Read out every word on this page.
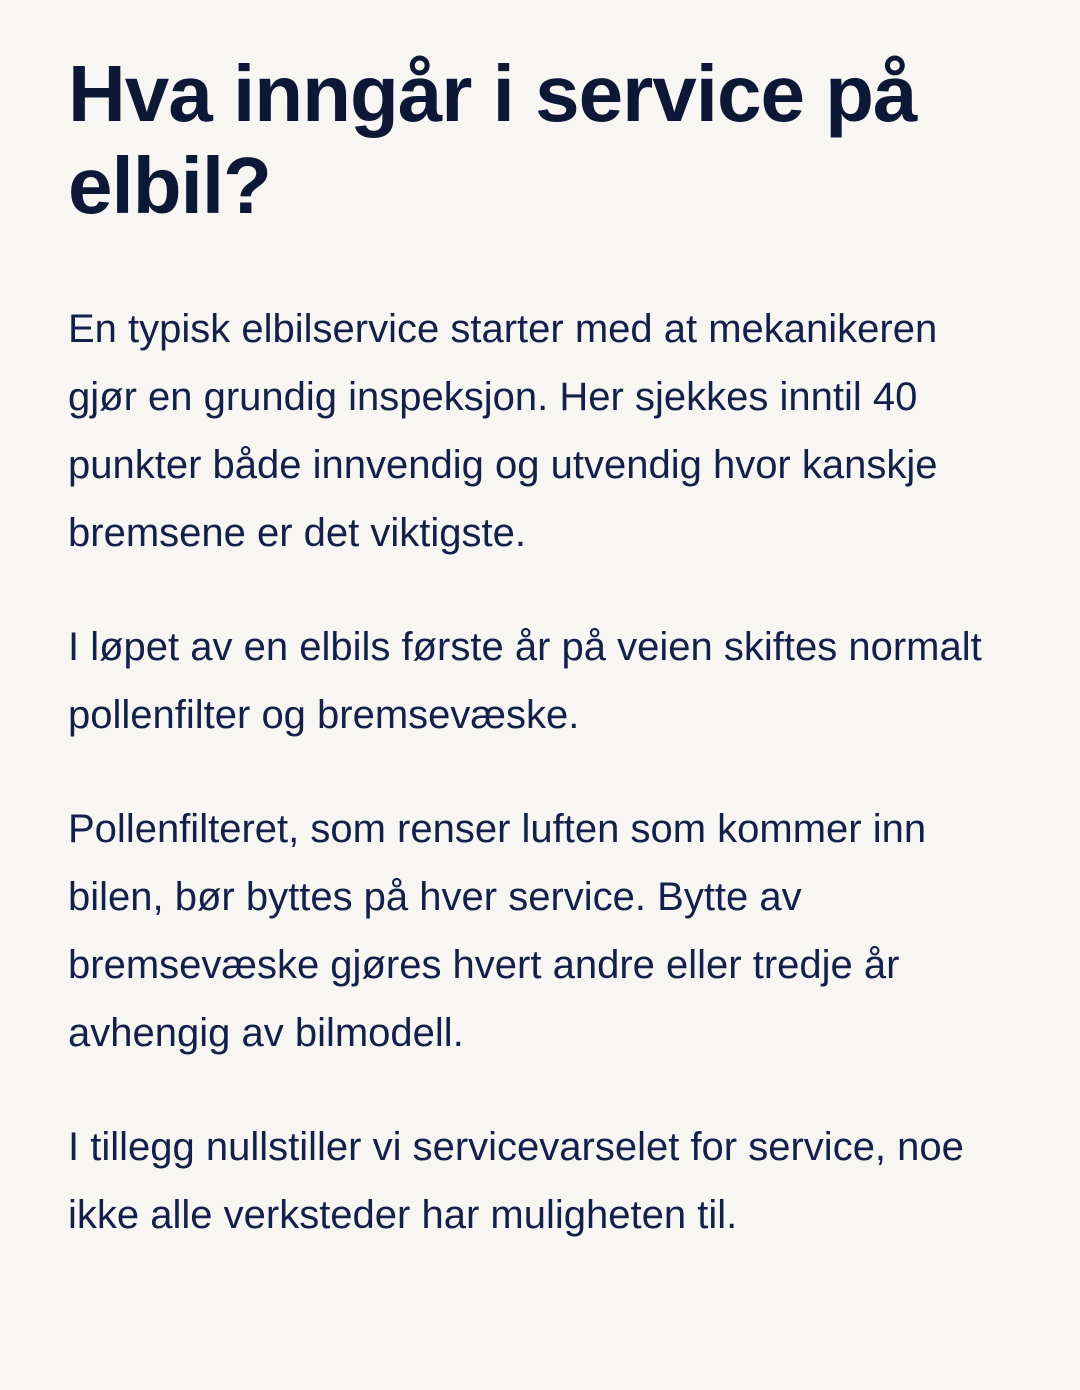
Hva inngår i service på elbil?

En typisk elbilservice starter med at mekanikeren gjør en grundig inspeksjon. Her sjekkes inntil 40 punkter både innvendig og utvendig hvor kanskje bremsene er det viktigste.

I løpet av en elbils første år på veien skiftes normalt pollenfilter og bremsevæske.

Pollenfilteret, som renser luften som kommer inn bilen, bør byttes på hver service. Bytte av bremsevæske gjøres hvert andre eller tredje år avhengig av bilmodell.

I tillegg nullstiller vi servicevarselet for service, noe ikke alle verksteder har muligheten til.
